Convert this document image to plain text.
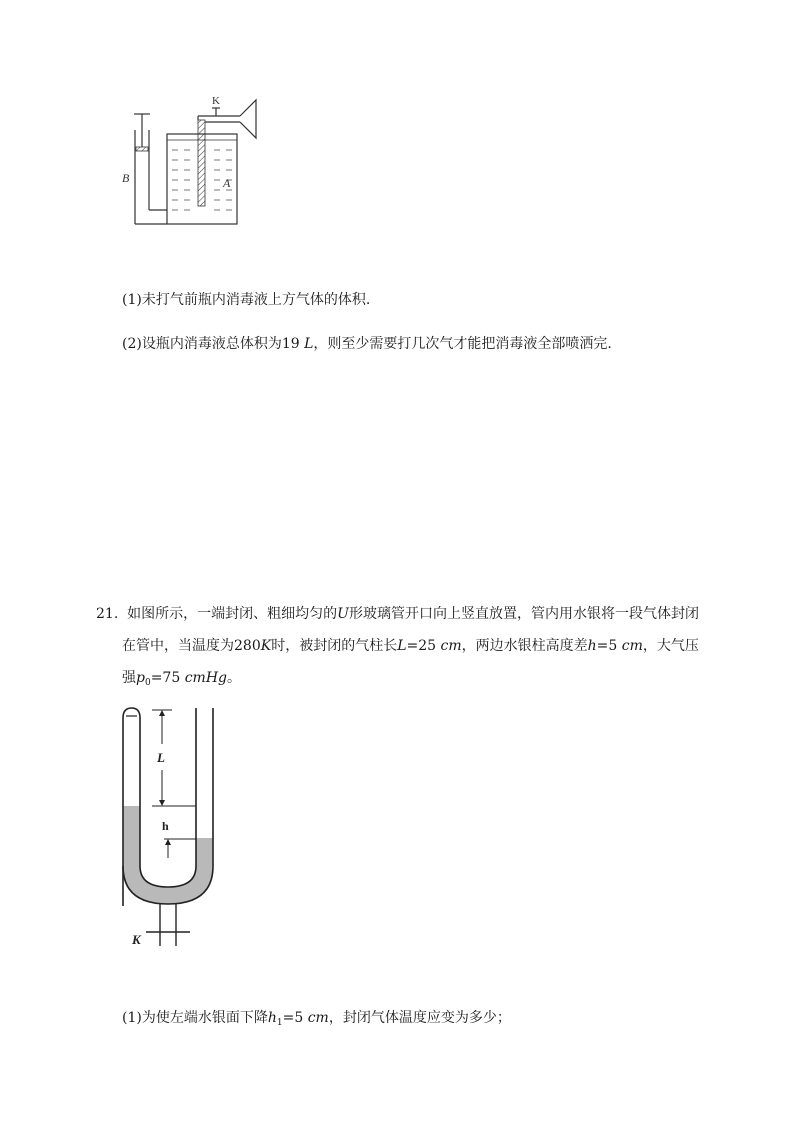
K
B	A
(1)未打气前瓶内消毒液上方气体的体积.
(2)设瓶内消毒液总体积为19 L，则至少需要打几次气才能把消毒液全部喷洒完.
21. 如图所示，一端封闭、粗细均匀的U形玻璃管开口向上竖直放置，管内用水银将一段气体封闭
在管中，当温度为280K时，被封闭的气柱长L=25 cm，两边水银柱高度差h=5 cm，大气压
强$p_0=75$ cmHg。
L
h
K
(1)为使左端水银面下降$h_1=5$ cm，封闭气体温度应变为多少；
